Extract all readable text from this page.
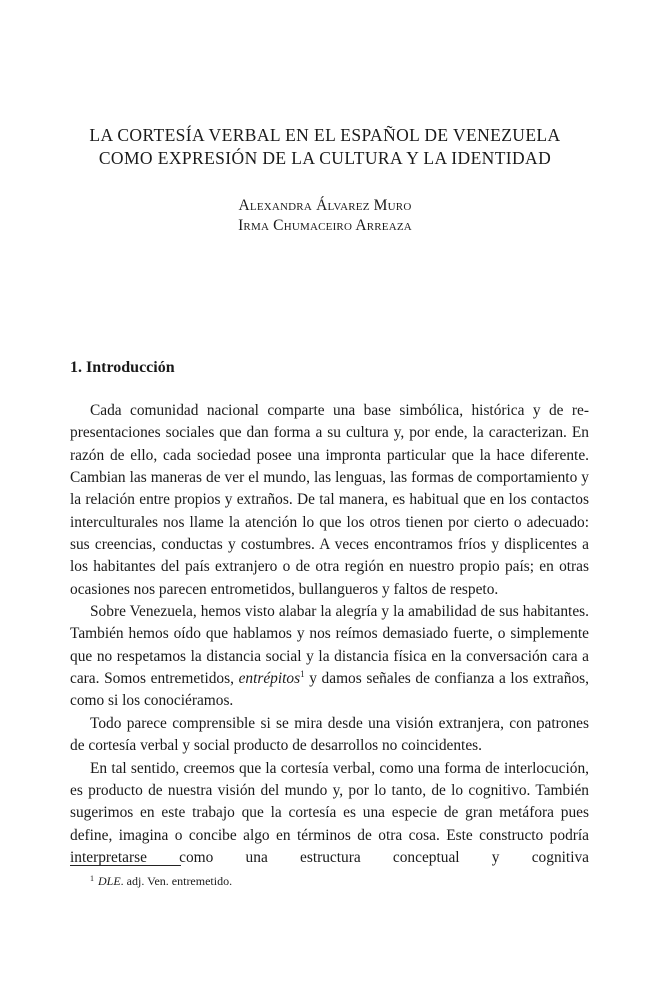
LA CORTESÍA VERBAL EN EL ESPAÑOL DE VENEZUELA
COMO EXPRESIÓN DE LA CULTURA Y LA IDENTIDAD
Alexandra Álvarez Muro
Irma Chumaceiro Arreaza
1. Introducción

Cada comunidad nacional comparte una base simbólica, histórica y de representaciones sociales que dan forma a su cultura y, por ende, la caracterizan. En razón de ello, cada sociedad posee una impronta particular que la hace diferente. Cambian las maneras de ver el mundo, las lenguas, las formas de comportamiento y la relación entre propios y extraños. De tal manera, es habitual que en los contactos interculturales nos llame la atención lo que los otros tienen por cierto o adecuado: sus creencias, conductas y costumbres. A veces encontramos fríos y displicentes a los habitantes del país extranjero o de otra región en nuestro propio país; en otras ocasiones nos parecen entrometidos, bullangueros y faltos de respeto.

Sobre Venezuela, hemos visto alabar la alegría y la amabilidad de sus habitantes. También hemos oído que hablamos y nos reímos demasiado fuerte, o simplemente que no respetamos la distancia social y la distancia física en la conversación cara a cara. Somos entremetidos, entrépitos$^1$ y damos señales de confianza a los extraños, como si los conociéramos.

Todo parece comprensible si se mira desde una visión extranjera, con patrones de cortesía verbal y social producto de desarrollos no coincidentes.

En tal sentido, creemos que la cortesía verbal, como una forma de interlocución, es producto de nuestra visión del mundo y, por lo tanto, de lo cognitivo. También sugerimos en este trabajo que la cortesía es una especie de gran metáfora pues define, imagina o concibe algo en términos de otra cosa. Este constructo podría interpretarse como una estructura conceptual y cognitiva

$^1$ DLE. adj. Ven. entremetido.
